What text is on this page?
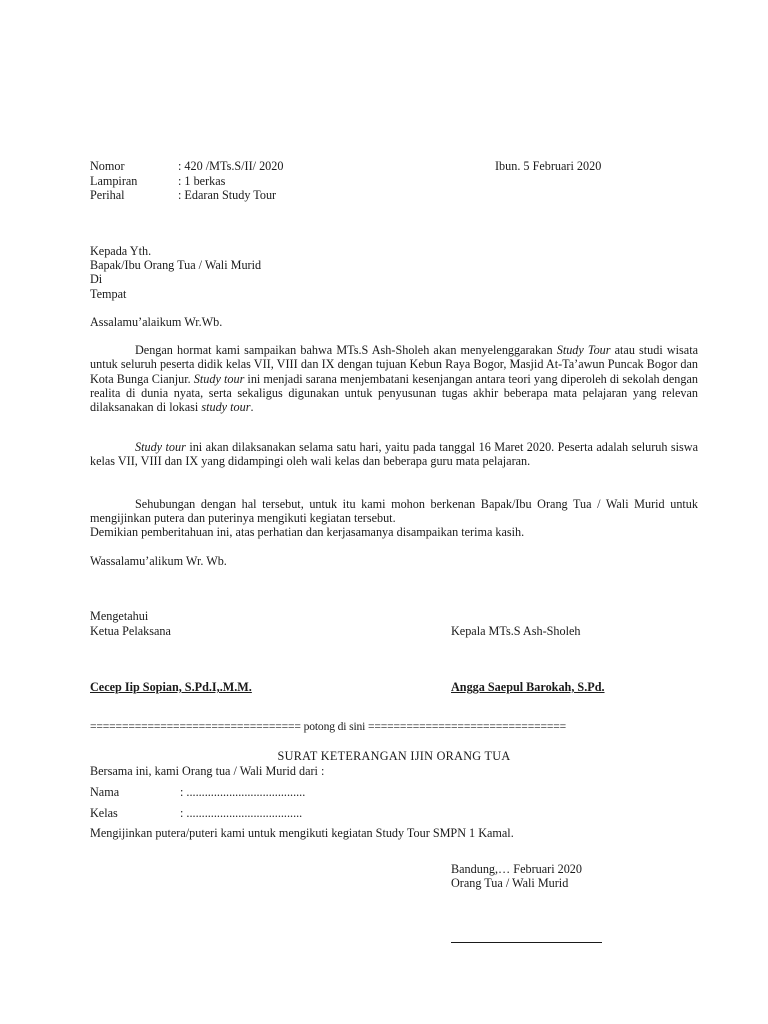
Nomor	: 420 /MTs.S/II/ 2020	Ibun. 5 Februari 2020
Lampiran	: 1 berkas
Perihal	: Edaran Study Tour
Kepada Yth.
Bapak/Ibu Orang Tua / Wali Murid
Di
Tempat
Assalamu’alaikum Wr.Wb.

Dengan hormat kami sampaikan bahwa MTs.S Ash-Sholeh akan menyelenggarakan Study Tour atau studi wisata untuk seluruh peserta didik kelas VII, VIII dan IX dengan tujuan Kebun Raya Bogor, Masjid At-Ta’awun Puncak Bogor dan Kota Bunga Cianjur. Study tour ini menjadi sarana menjembatani kesenjangan antara teori yang diperoleh di sekolah dengan realita di dunia nyata, serta sekaligus digunakan untuk penyusunan tugas akhir beberapa mata pelajaran yang relevan dilaksanakan di lokasi study tour.

Study tour ini akan dilaksanakan selama satu hari, yaitu pada tanggal 16 Maret 2020. Peserta adalah seluruh siswa kelas VII, VIII dan IX yang didampingi oleh wali kelas dan beberapa guru mata pelajaran.

Sehubungan dengan hal tersebut, untuk itu kami mohon berkenan Bapak/Ibu Orang Tua / Wali Murid untuk mengijinkan putera dan puterinya mengikuti kegiatan tersebut.

Demikian pemberitahuan ini, atas perhatian dan kerjasamanya disampaikan terima kasih.
Wassalamu’alikum Wr. Wb.
Mengetahui
Ketua Pelaksana	Kepala MTs.S Ash-Sholeh
Cecep Iip Sopian, S.Pd.I,.M.M.	Angga Saepul Barokah, S.Pd.
================================= potong di sini ===============================
SURAT KETERANGAN IJIN ORANG TUA
Bersama ini, kami Orang tua / Wali Murid dari :
Nama	: .......................................
Kelas	: ......................................
Mengijinkan putera/puteri kami untuk mengikuti kegiatan Study Tour SMPN 1 Kamal.
Bandung,… Februari 2020
Orang Tua / Wali Murid
